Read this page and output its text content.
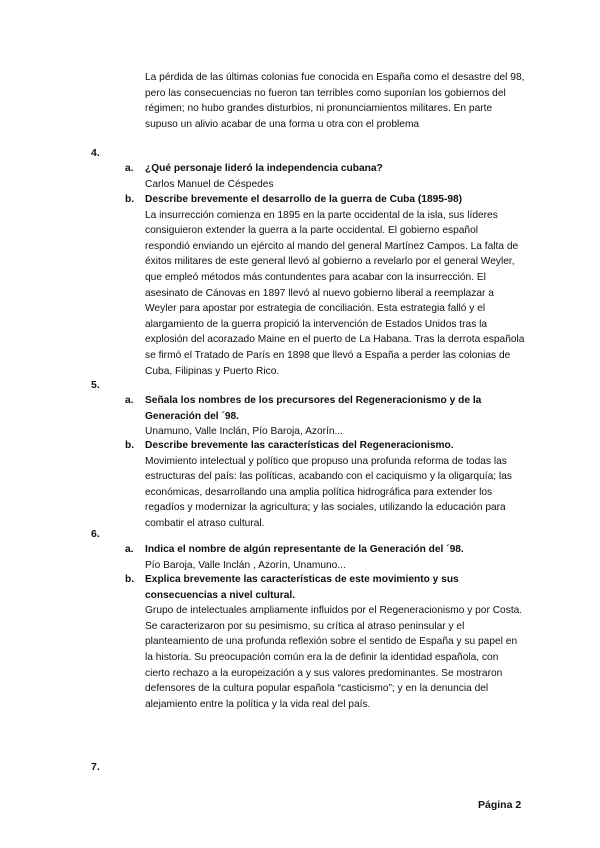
La pérdida de las últimas colonias fue conocida en España como el desastre del 98, pero las consecuencias no fueron tan terribles como suponían los gobiernos del régimen; no hubo grandes disturbios, ni pronunciamientos militares. En parte supuso un alivio acabar de una forma u otra con el problema

4.
a. ¿Qué personaje lideró la independencia cubana?
Carlos Manuel de Céspedes
b. Describe brevemente el desarrollo de la guerra de Cuba (1895-98)
La insurrección comienza en 1895 en la parte occidental de la isla, sus líderes consiguieron extender la guerra a la parte occidental. El gobierno español respondió enviando un ejército al mando del general Martínez Campos. La falta de éxitos militares de este general llevó al gobierno a revelarlo por el general Weyler, que empleó métodos más contundentes para acabar con la insurrección. El asesinato de Cánovas en 1897 llevó al nuevo gobierno liberal a reemplazar a Weyler para apostar por estrategia de conciliación. Esta estrategia falló y el alargamiento de la guerra propició la intervención de Estados Unidos tras la explosión del acorazado Maine en el puerto de La Habana. Tras la derrota española se firmó el Tratado de París en 1898 que llevó a España a perder las colonias de Cuba, Filipinas y Puerto Rico.
5.
a. Señala los nombres de los precursores del Regeneracionismo y de la Generación del ´98.
Unamuno, Valle Inclán, Pío Baroja, Azorín...
b. Describe brevemente las características del Regeneracionismo.
Movimiento intelectual y político que propuso una profunda reforma de todas las estructuras del país: las políticas, acabando con el caciquismo y la oligarquía; las económicas, desarrollando una amplia política hidrográfica para extender los regadíos y modernizar la agricultura; y las sociales, utilizando la educación para combatir el atraso cultural.
6.
a. Indica el nombre de algún representante de la Generación del ´98.
Pío Baroja, Valle Inclán , Azorín, Unamuno...
b. Explica brevemente las características de este movimiento y sus consecuencias a nivel cultural.
Grupo de intelectuales ampliamente influidos por el Regeneracionismo y por Costa. Se caracterizaron por su pesimismo, su crítica al atraso peninsular y el planteamiento de una profunda reflexión sobre el sentido de España y su papel en la historia. Su preocupación común era la de definir la identidad española, con cierto rechazo a la europeización a y sus valores predominantes. Se mostraron defensores de la cultura popular española “casticismo”; y en la denuncia del alejamiento entre la política y la vida real del país.
7.
Página 2
